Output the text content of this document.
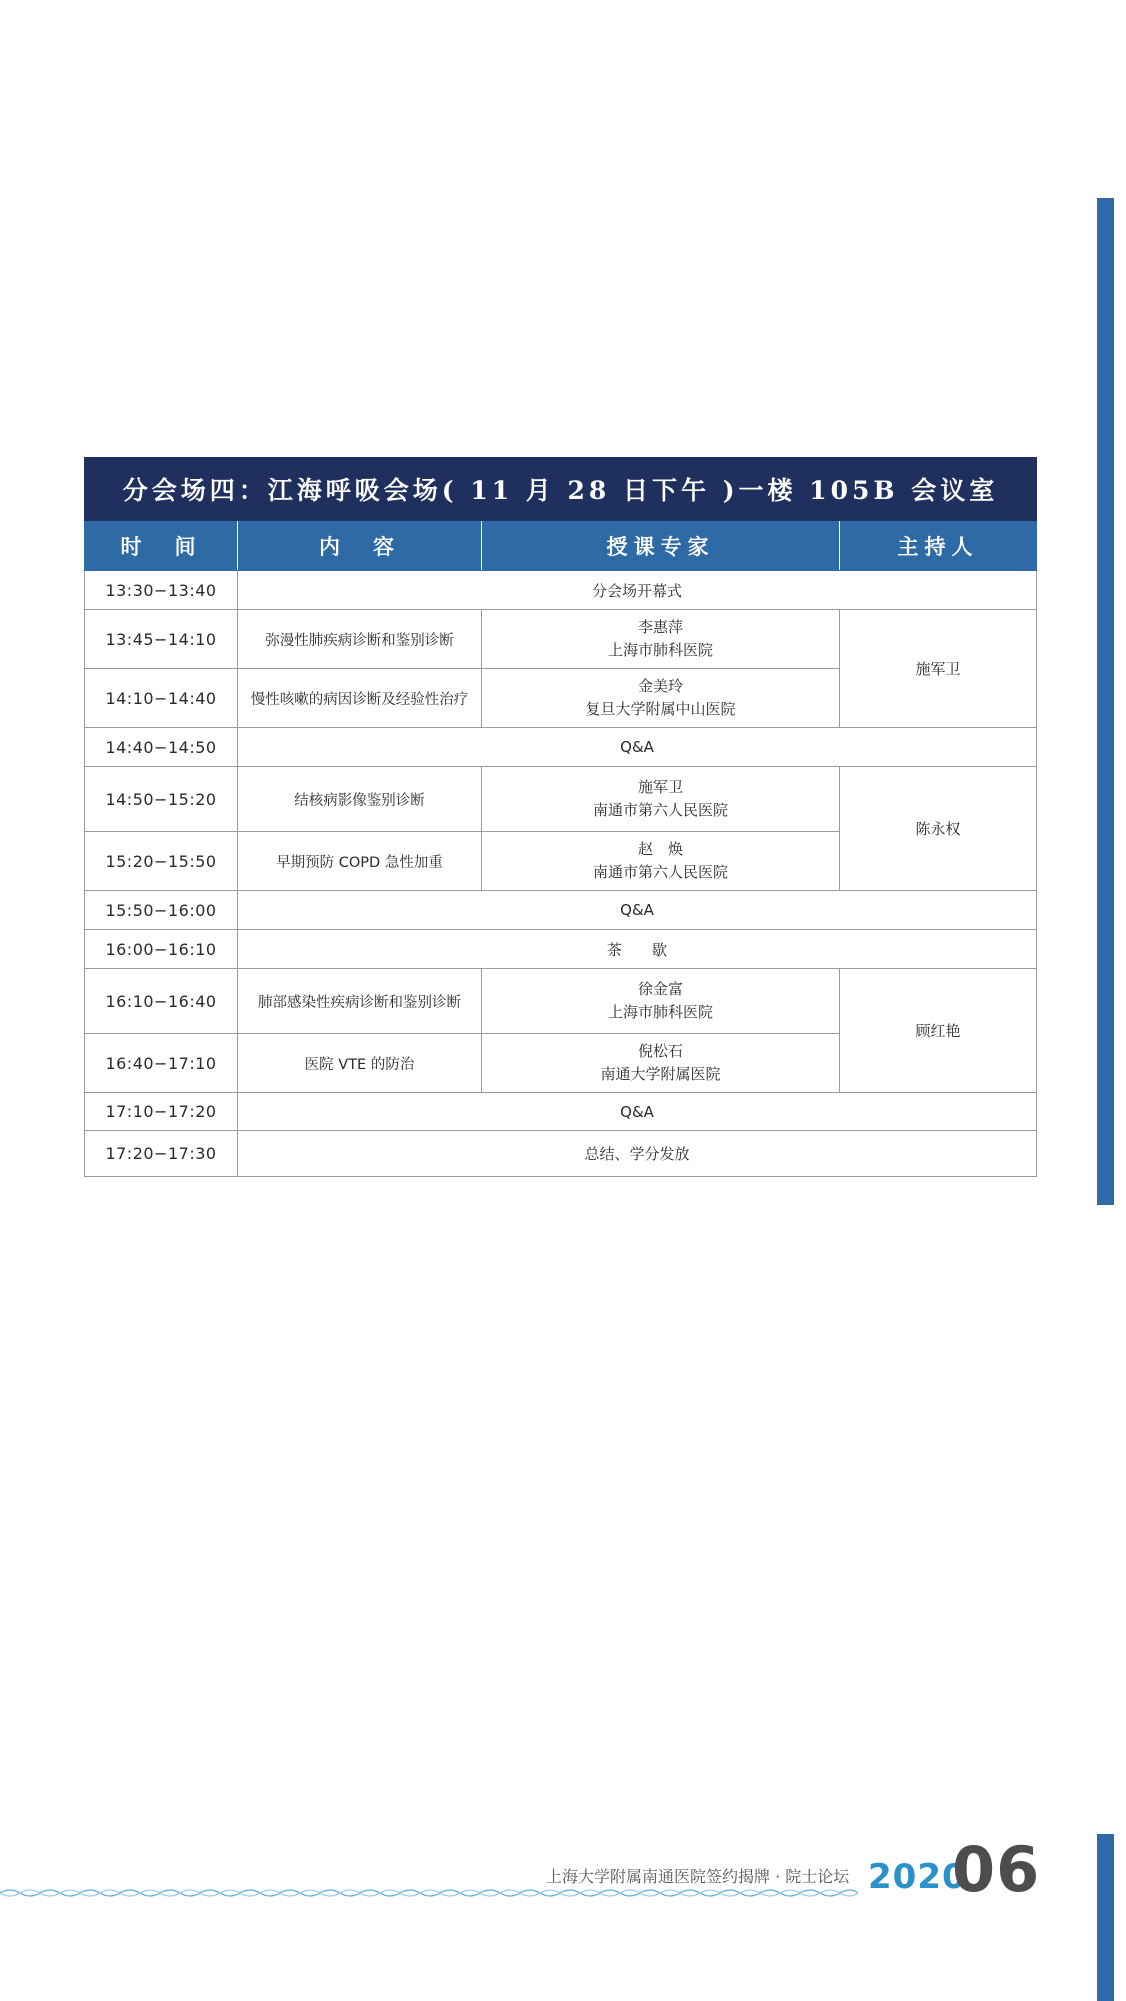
分会场四：江海呼吸会场( 11 月 28 日下午 )一楼 105B 会议室			
时　间	内　容	授课专家	主持人
13:30−13:40	分会场开幕式		
13:45−14:10	弥漫性肺疾病诊断和鉴别诊断	李惠萍
上海市肺科医院	施军卫
14:10−14:40	慢性咳嗽的病因诊断及经验性治疗	金美玲
复旦大学附属中山医院	

14:40−14:50	Q&A		
14:50−15:20	结核病影像鉴别诊断	施军卫
南通市第六人民医院	陈永权
15:20−15:50	早期预防 COPD 急性加重	赵　焕
南通市第六人民医院	

15:50−16:00	Q&A		
16:00−16:10	茶　　歇		
16:10−16:40	肺部感染性疾病诊断和鉴别诊断	徐金富
上海市肺科医院	顾红艳
16:40−17:10	医院 VTE 的防治	倪松石
南通大学附属医院	

17:10−17:20	Q&A		
17:20−17:30	总结、学分发放		
上海大学附属南通医院签约揭牌 · 院士论坛 2020
06
